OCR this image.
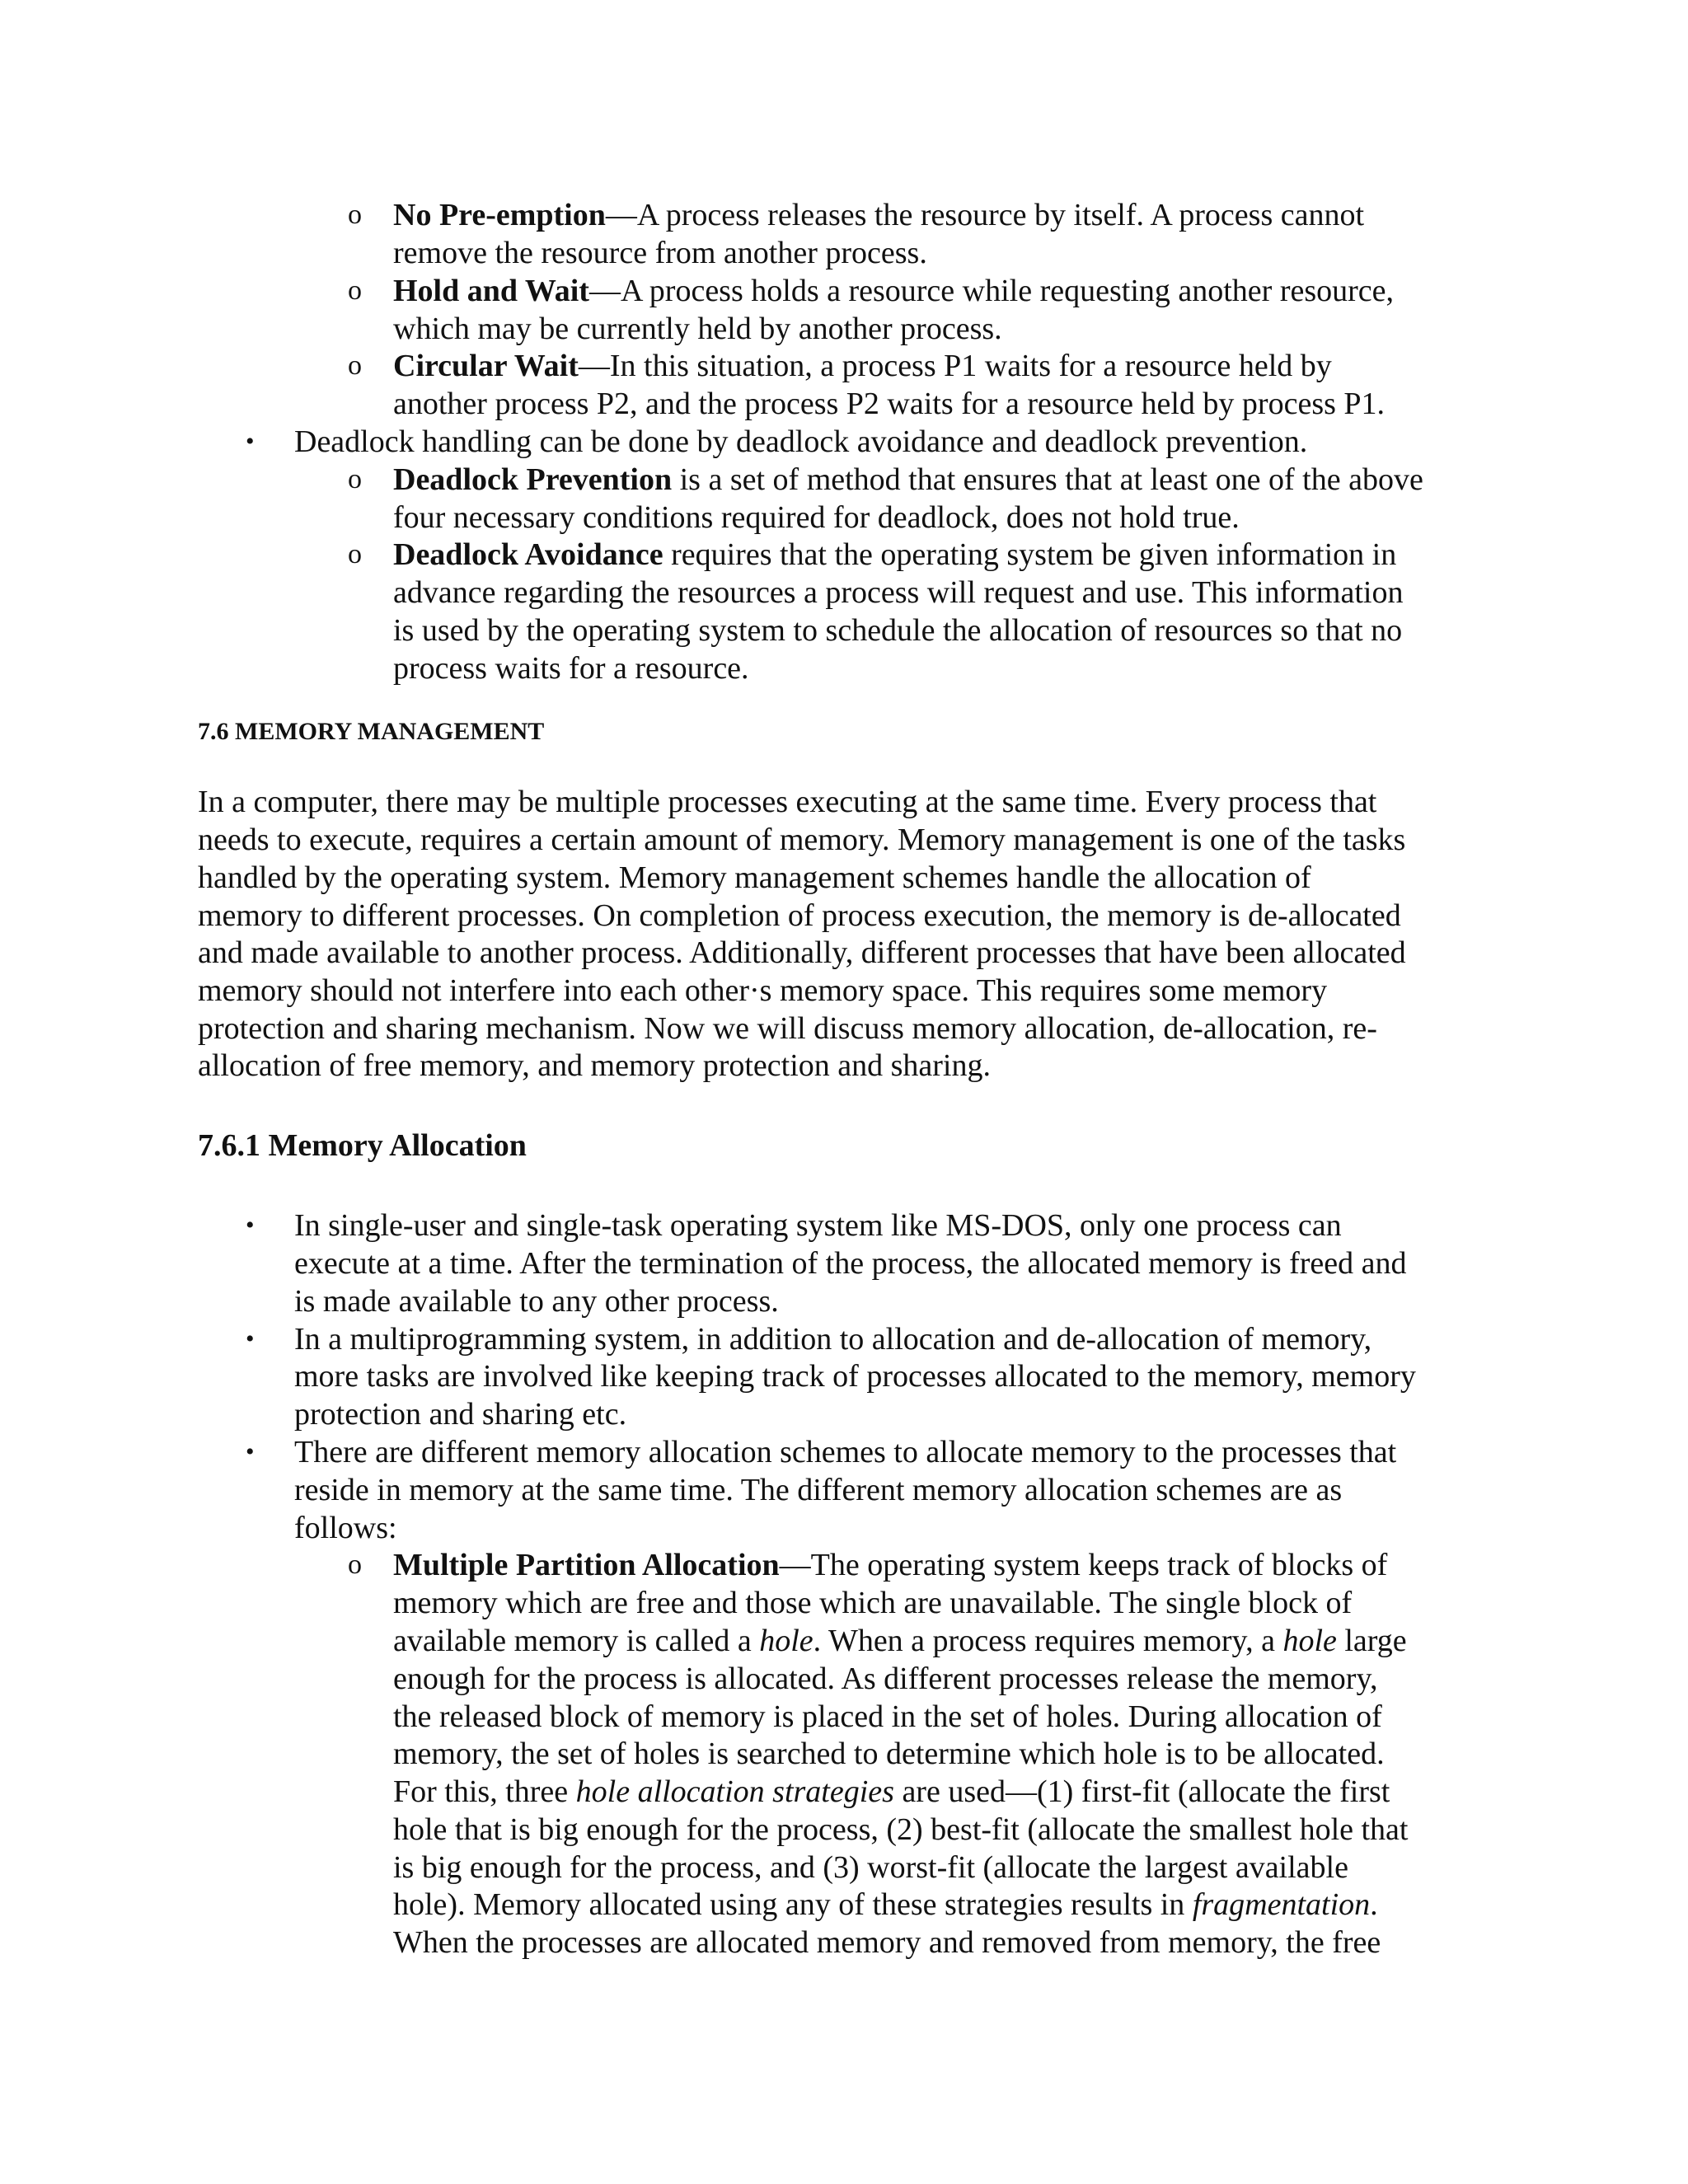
o No Pre-emption—A process releases the resource by itself. A process cannot
remove the resource from another process.
o Hold and Wait—A process holds a resource while requesting another resource,
which may be currently held by another process.
o Circular Wait—In this situation, a process P1 waits for a resource held by
another process P2, and the process P2 waits for a resource held by process P1.
• Deadlock handling can be done by deadlock avoidance and deadlock prevention.
o Deadlock Prevention is a set of method that ensures that at least one of the above
four necessary conditions required for deadlock, does not hold true.
o Deadlock Avoidance requires that the operating system be given information in
advance regarding the resources a process will request and use. This information
is used by the operating system to schedule the allocation of resources so that no
process waits for a resource.
7.6 MEMORY MANAGEMENT
In a computer, there may be multiple processes executing at the same time. Every process that
needs to execute, requires a certain amount of memory. Memory management is one of the tasks
handled by the operating system. Memory management schemes handle the allocation of
memory to different processes. On completion of process execution, the memory is de-allocated
and made available to another process. Additionally, different processes that have been allocated
memory should not interfere into each other·s memory space. This requires some memory
protection and sharing mechanism. Now we will discuss memory allocation, de-allocation, re-
allocation of free memory, and memory protection and sharing.
7.6.1 Memory Allocation
• In single-user and single-task operating system like MS-DOS, only one process can
execute at a time. After the termination of the process, the allocated memory is freed and
is made available to any other process.
• In a multiprogramming system, in addition to allocation and de-allocation of memory,
more tasks are involved like keeping track of processes allocated to the memory, memory
protection and sharing etc.
• There are different memory allocation schemes to allocate memory to the processes that
reside in memory at the same time. The different memory allocation schemes are as
follows:
o Multiple Partition Allocation—The operating system keeps track of blocks of
memory which are free and those which are unavailable. The single block of
available memory is called a hole. When a process requires memory, a hole large
enough for the process is allocated. As different processes release the memory,
the released block of memory is placed in the set of holes. During allocation of
memory, the set of holes is searched to determine which hole is to be allocated.
For this, three hole allocation strategies are used—(1) first-fit (allocate the first
hole that is big enough for the process, (2) best-fit (allocate the smallest hole that
is big enough for the process, and (3) worst-fit (allocate the largest available
hole). Memory allocated using any of these strategies results in fragmentation.
When the processes are allocated memory and removed from memory, the free
